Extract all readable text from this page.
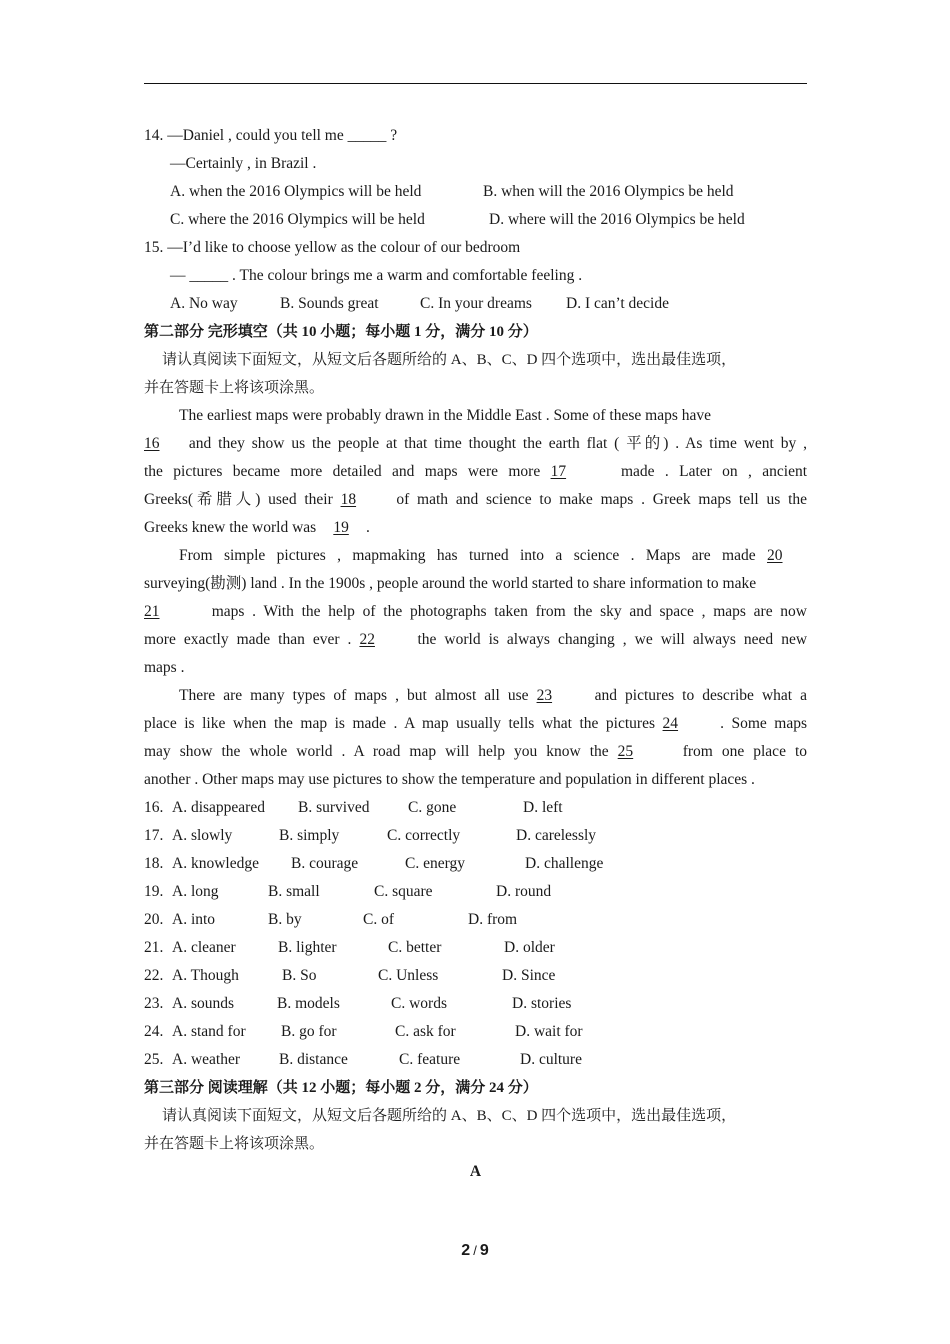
14. —Daniel , could you tell me _____ ?
—Certainly , in Brazil .
A. when the 2016 Olympics will be held	B. when will the 2016 Olympics be held
C. where the 2016 Olympics will be held	D. where will the 2016 Olympics be held
15. —I’d like to choose yellow as the colour of our bedroom
— _____ . The colour brings me a warm and comfortable feeling .
A. No way	B. Sounds great	C. In your dreams D. I can’t decide
第二部分 完形填空（共 10 小题；每小题 1 分，满分 10 分）
请认真阅读下面短文，从短文后各题所给的 A、B、C、D 四个选项中，选出最佳选项，
并在答题卡上将该项涂黑。
The earliest maps were probably drawn in the Middle East . Some of these maps have
16 and they show us the people at that time thought the earth flat ( 平的) . As time went by ,
the pictures became more detailed and maps were more 17	made . Later on , ancient
Greeks(希腊人) used their 18	of math and science to make maps . Greek maps tell us the
Greeks knew the world was 19 .
From simple pictures , mapmaking has turned into a science . Maps are made 20
surveying(勘测) land . In the 1900s , people around the world started to share information to make
21	maps . With the help of the photographs taken from the sky and space , maps are now
more exactly made than ever . 22	the world is always changing , we will always need new
maps .
There are many types of maps , but almost all use 23	and pictures to describe what a
place is like when the map is made . A map usually tells what the pictures 24	. Some maps
may show the whole world . A road map will help you know the 25	from one place to
another . Other maps may use pictures to show the temperature and population in different places .
16. A. disappeared B. survived C. gone	D. left
17. A. slowly	B. simply	C. correctly	D. carelessly
18. A. knowledge B. courage	C. energy	D. challenge
19. A. long	B. small	C. square	D. round
20. A. into	B. by	C. of	D. from
21. A. cleaner	B. lighter	C. better	D. older
22. A. Though	B. So	C. Unless	D. Since
23. A. sounds	B. models	C. words	D. stories
24. A. stand for B. go for	C. ask for	D. wait for
25. A. weather	B. distance	C. feature	D. culture
第三部分 阅读理解（共 12 小题；每小题 2 分，满分 24 分）
请认真阅读下面短文，从短文后各题所给的 A、B、C、D 四个选项中，选出最佳选项，
并在答题卡上将该项涂黑。
A
2 / 9
